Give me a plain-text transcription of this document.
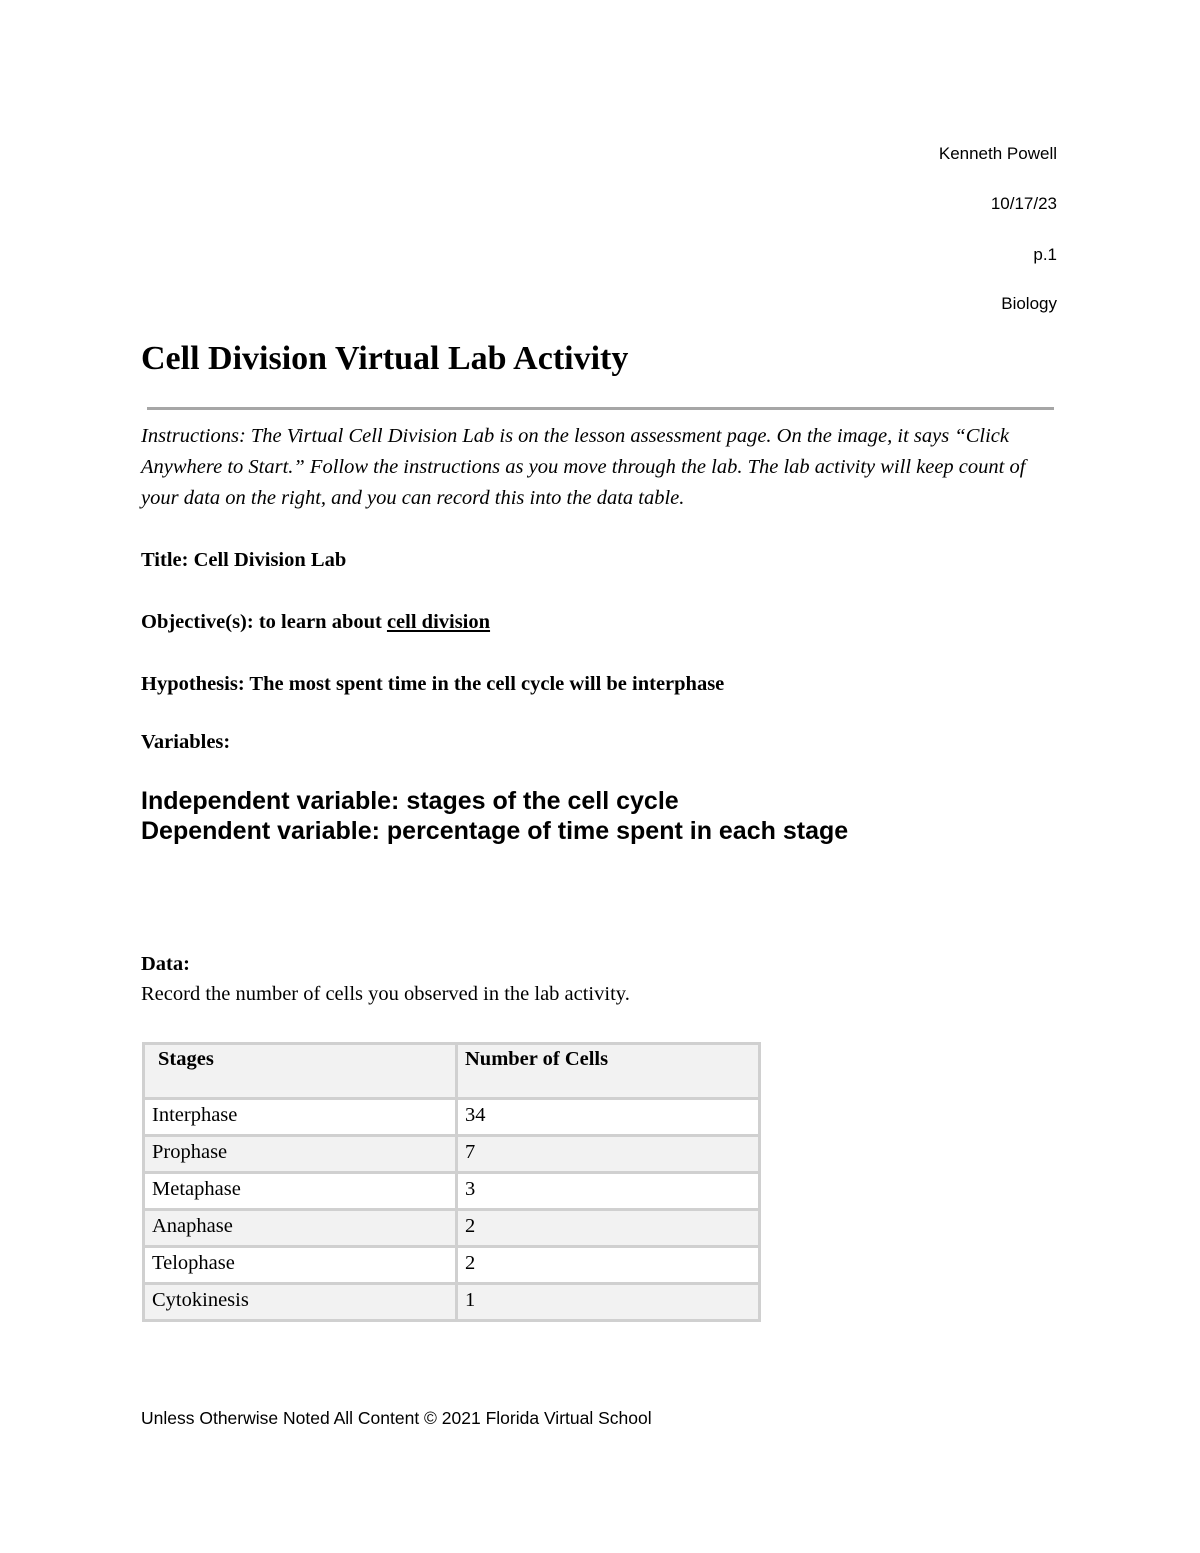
Kenneth Powell
10/17/23
p.1
Biology
Cell Division Virtual Lab Activity

Instructions: The Virtual Cell Division Lab is on the lesson assessment page. On the image, it says “Click Anywhere to Start.” Follow the instructions as you move through the lab. The lab activity will keep count of your data on the right, and you can record this into the data table.

Title: Cell Division Lab

Objective(s): to learn about cell division

Hypothesis: The most spent time in the cell cycle will be interphase

Variables:

Independent variable: stages of the cell cycle
Dependent variable: percentage of time spent in each stage

Data:

Record the number of cells you observed in the lab activity.

Stages	Number of Cells
Interphase	34
Prophase	7
Metaphase	3
Anaphase	2
Telophase	2
Cytokinesis	1

Unless Otherwise Noted All Content © 2021 Florida Virtual School
